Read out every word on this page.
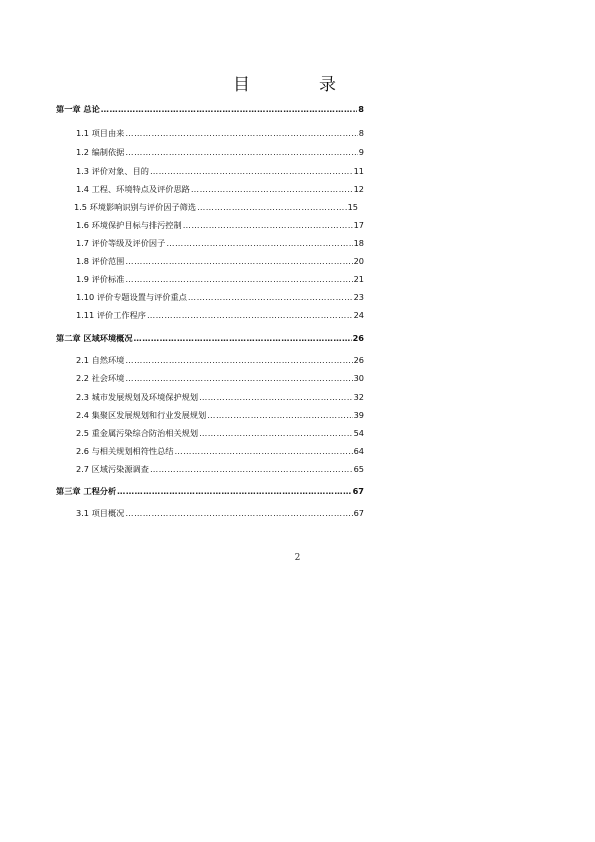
目　录
第一章 总论 ……………………………………………………………………………………………………………………………………	8
1.1 项目由来 ……………………………………………………………………………………………………………………………………	8
1.2 编制依据 ……………………………………………………………………………………………………………………………………	9
1.3 评价对象、目的 ……………………………………………………………………………………………………………………………………	11
1.4 工程、环境特点及评价思路 ……………………………………………………………………………………………………………………………………	12
1.5 环境影响识别与评价因子筛选 ……………………………………………………………………………………………………………………………………	15
1.6 环境保护目标与排污控制 ……………………………………………………………………………………………………………………………………	17
1.7 评价等级及评价因子 ……………………………………………………………………………………………………………………………………	18
1.8 评价范围 ……………………………………………………………………………………………………………………………………	20
1.9 评价标准 ……………………………………………………………………………………………………………………………………	21
1.10 评价专题设置与评价重点 ……………………………………………………………………………………………………………………………………	23
1.11 评价工作程序 ……………………………………………………………………………………………………………………………………	24
第二章 区域环境概况 ……………………………………………………………………………………………………………………………………	26
2.1 自然环境 ……………………………………………………………………………………………………………………………………	26
2.2 社会环境 ……………………………………………………………………………………………………………………………………	30
2.3 城市发展规划及环境保护规划 ……………………………………………………………………………………………………………………………………	32
2.4 集聚区发展规划和行业发展规划 ……………………………………………………………………………………………………………………………………	39
2.5 重金属污染综合防治相关规划 ……………………………………………………………………………………………………………………………………	54
2.6 与相关规划相符性总结 ……………………………………………………………………………………………………………………………………	64
2.7 区域污染源调查 ……………………………………………………………………………………………………………………………………	65
第三章 工程分析 ……………………………………………………………………………………………………………………………………	67
3.1 项目概况 ……………………………………………………………………………………………………………………………………	67
2
